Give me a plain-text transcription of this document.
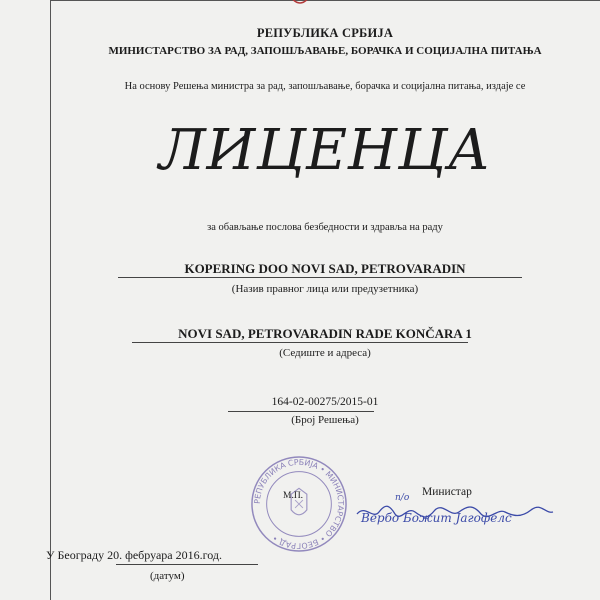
РЕПУБЛИКА СРБИЈА
МИНИСТАРСТВО ЗА РАД, ЗАПОШЉАВАЊЕ, БОРАЧКА И СОЦИЈАЛНА ПИТАЊА
На основу Решења министра за рад, запошљавање, борачка и социјална питања, издаје се
ЛИЦЕНЦА
за обављање послова безбедности и здравља на раду
KOPERING DOO NOVI SAD, PETROVARADIN
(Назив правног лица или предузетника)
NOVI SAD, PETROVARADIN RADE KONČARA 1
(Седиште и адреса)
164-02-00275/2015-01
(Број Решења)
РЕПУБЛИКА СРБИЈА • МИНИСТАРСТВО • БЕОГРАД •
М.П.
Вербо Божит Јагофелс
п/о Министар
У Београду 20. фебруара 2016.год.
(датум)
